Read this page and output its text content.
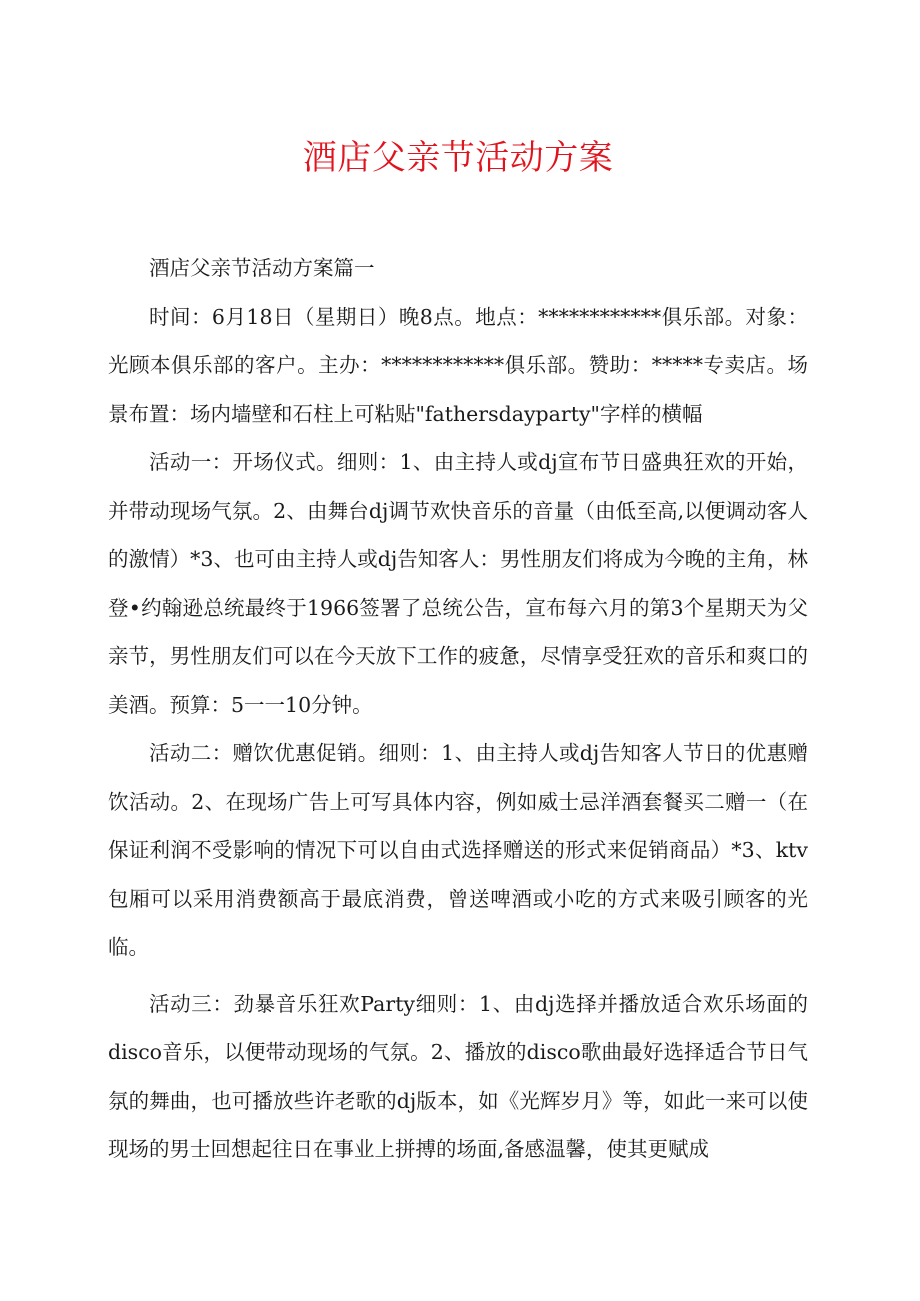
酒店父亲节活动方案

酒店父亲节活动方案篇一

时间：6月18日（星期日）晚8点。地点：************俱乐部。对象：光顾本俱乐部的客户。主办：************俱乐部。赞助：*****专卖店。场景布置：场内墙壁和石柱上可粘贴"fathersdayparty"字样的横幅

活动一：开场仪式。细则：1、由主持人或dj宣布节日盛典狂欢的开始，并带动现场气氛。2、由舞台dj调节欢快音乐的音量（由低至高,以便调动客人的激情）*3、也可由主持人或dj告知客人：男性朋友们将成为今晚的主角，林登•约翰逊总统最终于1966签署了总统公告，宣布每六月的第3个星期天为父亲节，男性朋友们可以在今天放下工作的疲惫，尽情享受狂欢的音乐和爽口的美酒。预算：5一一10分钟。

活动二：赠饮优惠促销。细则：1、由主持人或dj告知客人节日的优惠赠饮活动。2、在现场广告上可写具体内容，例如威士忌洋酒套餐买二赠一（在保证利润不受影响的情况下可以自由式选择赠送的形式来促销商品）*3、ktv包厢可以采用消费额高于最底消费，曾送啤酒或小吃的方式来吸引顾客的光临。

活动三：劲暴音乐狂欢Party细则：1、由dj选择并播放适合欢乐场面的disco音乐，以便带动现场的气氛。2、播放的disco歌曲最好选择适合节日气氛的舞曲，也可播放些许老歌的dj版本，如《光辉岁月》等，如此一来可以使现场的男士回想起往日在事业上拼搏的场面,备感温馨，使其更赋成
